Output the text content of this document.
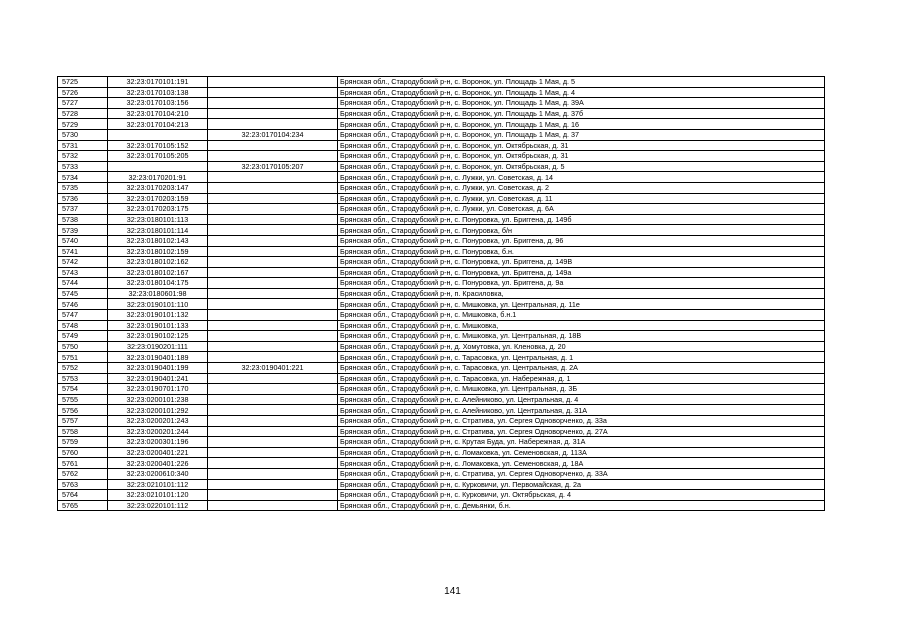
5725	32:23:0170101:191		Брянская обл., Стародубский р-н, с. Воронок, ул. Площадь 1 Мая, д. 5
5726	32:23:0170103:138		Брянская обл., Стародубский р-н, с. Воронок, ул. Площадь 1 Мая, д. 4
5727	32:23:0170103:156		Брянская обл., Стародубский р-н, с. Воронок, ул. Площадь 1 Мая, д. 39А
5728	32:23:0170104:210		Брянская обл., Стародубский р-н, с. Воронок, ул. Площадь 1 Мая, д. 37б
5729	32:23:0170104:213		Брянская обл., Стародубский р-н, с. Воронок, ул. Площадь 1 Мая, д. 16
5730		32:23:0170104:234	Брянская обл., Стародубский р-н, с. Воронок, ул. Площадь 1 Мая, д. 37
5731	32:23:0170105:152		Брянская обл., Стародубский р-н, с. Воронок, ул. Октябрьская, д. 31
5732	32:23:0170105:205		Брянская обл., Стародубский р-н, с. Воронок, ул. Октябрьская, д. 31
5733		32:23:0170105:207	Брянская обл., Стародубский р-н, с. Воронок, ул. Октябрьская, д. 5
5734	32:23:0170201:91		Брянская обл., Стародубский р-н, с. Лужки, ул. Советская, д. 14
5735	32:23:0170203:147		Брянская обл., Стародубский р-н, с. Лужки, ул. Советская, д. 2
5736	32:23:0170203:159		Брянская обл., Стародубский р-н, с. Лужки, ул. Советская, д. 11
5737	32:23:0170203:175		Брянская обл., Стародубский р-н, с. Лужки, ул. Советская, д. 6А
5738	32:23:0180101:113		Брянская обл., Стародубский р-н, с. Понуровка, ул. Бриггена, д. 149б
5739	32:23:0180101:114		Брянская обл., Стародубский р-н, с. Понуровка, б/н
5740	32:23:0180102:143		Брянская обл., Стародубский р-н, с. Понуровка, ул. Бриггена, д. 96
5741	32:23:0180102:159		Брянская обл., Стародубский р-н, с. Понуровка, б.н.
5742	32:23:0180102:162		Брянская обл., Стародубский р-н, с. Понуровка, ул. Бриггена, д. 149В
5743	32:23:0180102:167		Брянская обл., Стародубский р-н, с. Понуровка, ул. Бриггена, д. 149а
5744	32:23:0180104:175		Брянская обл., Стародубский р-н, с. Понуровка, ул. Бриггена, д. 9а
5745	32:23:0180601:98		Брянская обл., Стародубский р-н, п. Красиловка,
5746	32:23:0190101:110		Брянская обл., Стародубский р-н, с. Мишковка, ул. Центральная, д. 11е
5747	32:23:0190101:132		Брянская обл., Стародубский р-н, с. Мишковка, б.н.1
5748	32:23:0190101:133		Брянская обл., Стародубский р-н, с. Мишковка,
5749	32:23:0190102:125		Брянская обл., Стародубский р-н, с. Мишковка, ул. Центральная, д. 18В
5750	32:23:0190201:111		Брянская обл., Стародубский р-н, д. Хомутовка, ул. Кленовка, д. 20
5751	32:23:0190401:189		Брянская обл., Стародубский р-н, с. Тарасовка, ул. Центральная, д. 1
5752	32:23:0190401:199	32:23:0190401:221	Брянская обл., Стародубский р-н, с. Тарасовка, ул. Центральная, д. 2А
5753	32:23:0190401:241		Брянская обл., Стародубский р-н, с. Тарасовка, ул. Набережная, д. 1
5754	32:23:0190701:170		Брянская обл., Стародубский р-н, с. Мишковка, ул. Центральная, д. 3Б
5755	32:23:0200101:238		Брянская обл., Стародубский р-н, с. Алейниково, ул. Центральная, д. 4
5756	32:23:0200101:292		Брянская обл., Стародубский р-н, с. Алейниково, ул. Центральная, д. 31А
5757	32:23:0200201:243		Брянская обл., Стародубский р-н, с. Стратива, ул. Сергея Одноворченко, д. 33а
5758	32:23:0200201:244		Брянская обл., Стародубский р-н, с. Стратива, ул. Сергея Одноворченко, д. 27А
5759	32:23:0200301:196		Брянская обл., Стародубский р-н, с. Крутая Буда, ул. Набережная, д. 31А
5760	32:23:0200401:221		Брянская обл., Стародубский р-н, с. Ломаковка, ул. Семеновская, д. 113А
5761	32:23:0200401:226		Брянская обл., Стародубский р-н, с. Ломаковка, ул. Семеновская, д. 18А
5762	32:23:0200610:340		Брянская обл., Стародубский р-н, с. Стратива, ул. Сергея Одноворченко, д. 33А
5763	32:23:0210101:112		Брянская обл., Стародубский р-н, с. Курковичи, ул. Первомайская, д. 2а
5764	32:23:0210101:120		Брянская обл., Стародубский р-н, с. Курковичи, ул. Октябрьская, д. 4
5765	32:23:0220101:112		Брянская обл., Стародубский р-н, с. Демьянки, б.н.
141
